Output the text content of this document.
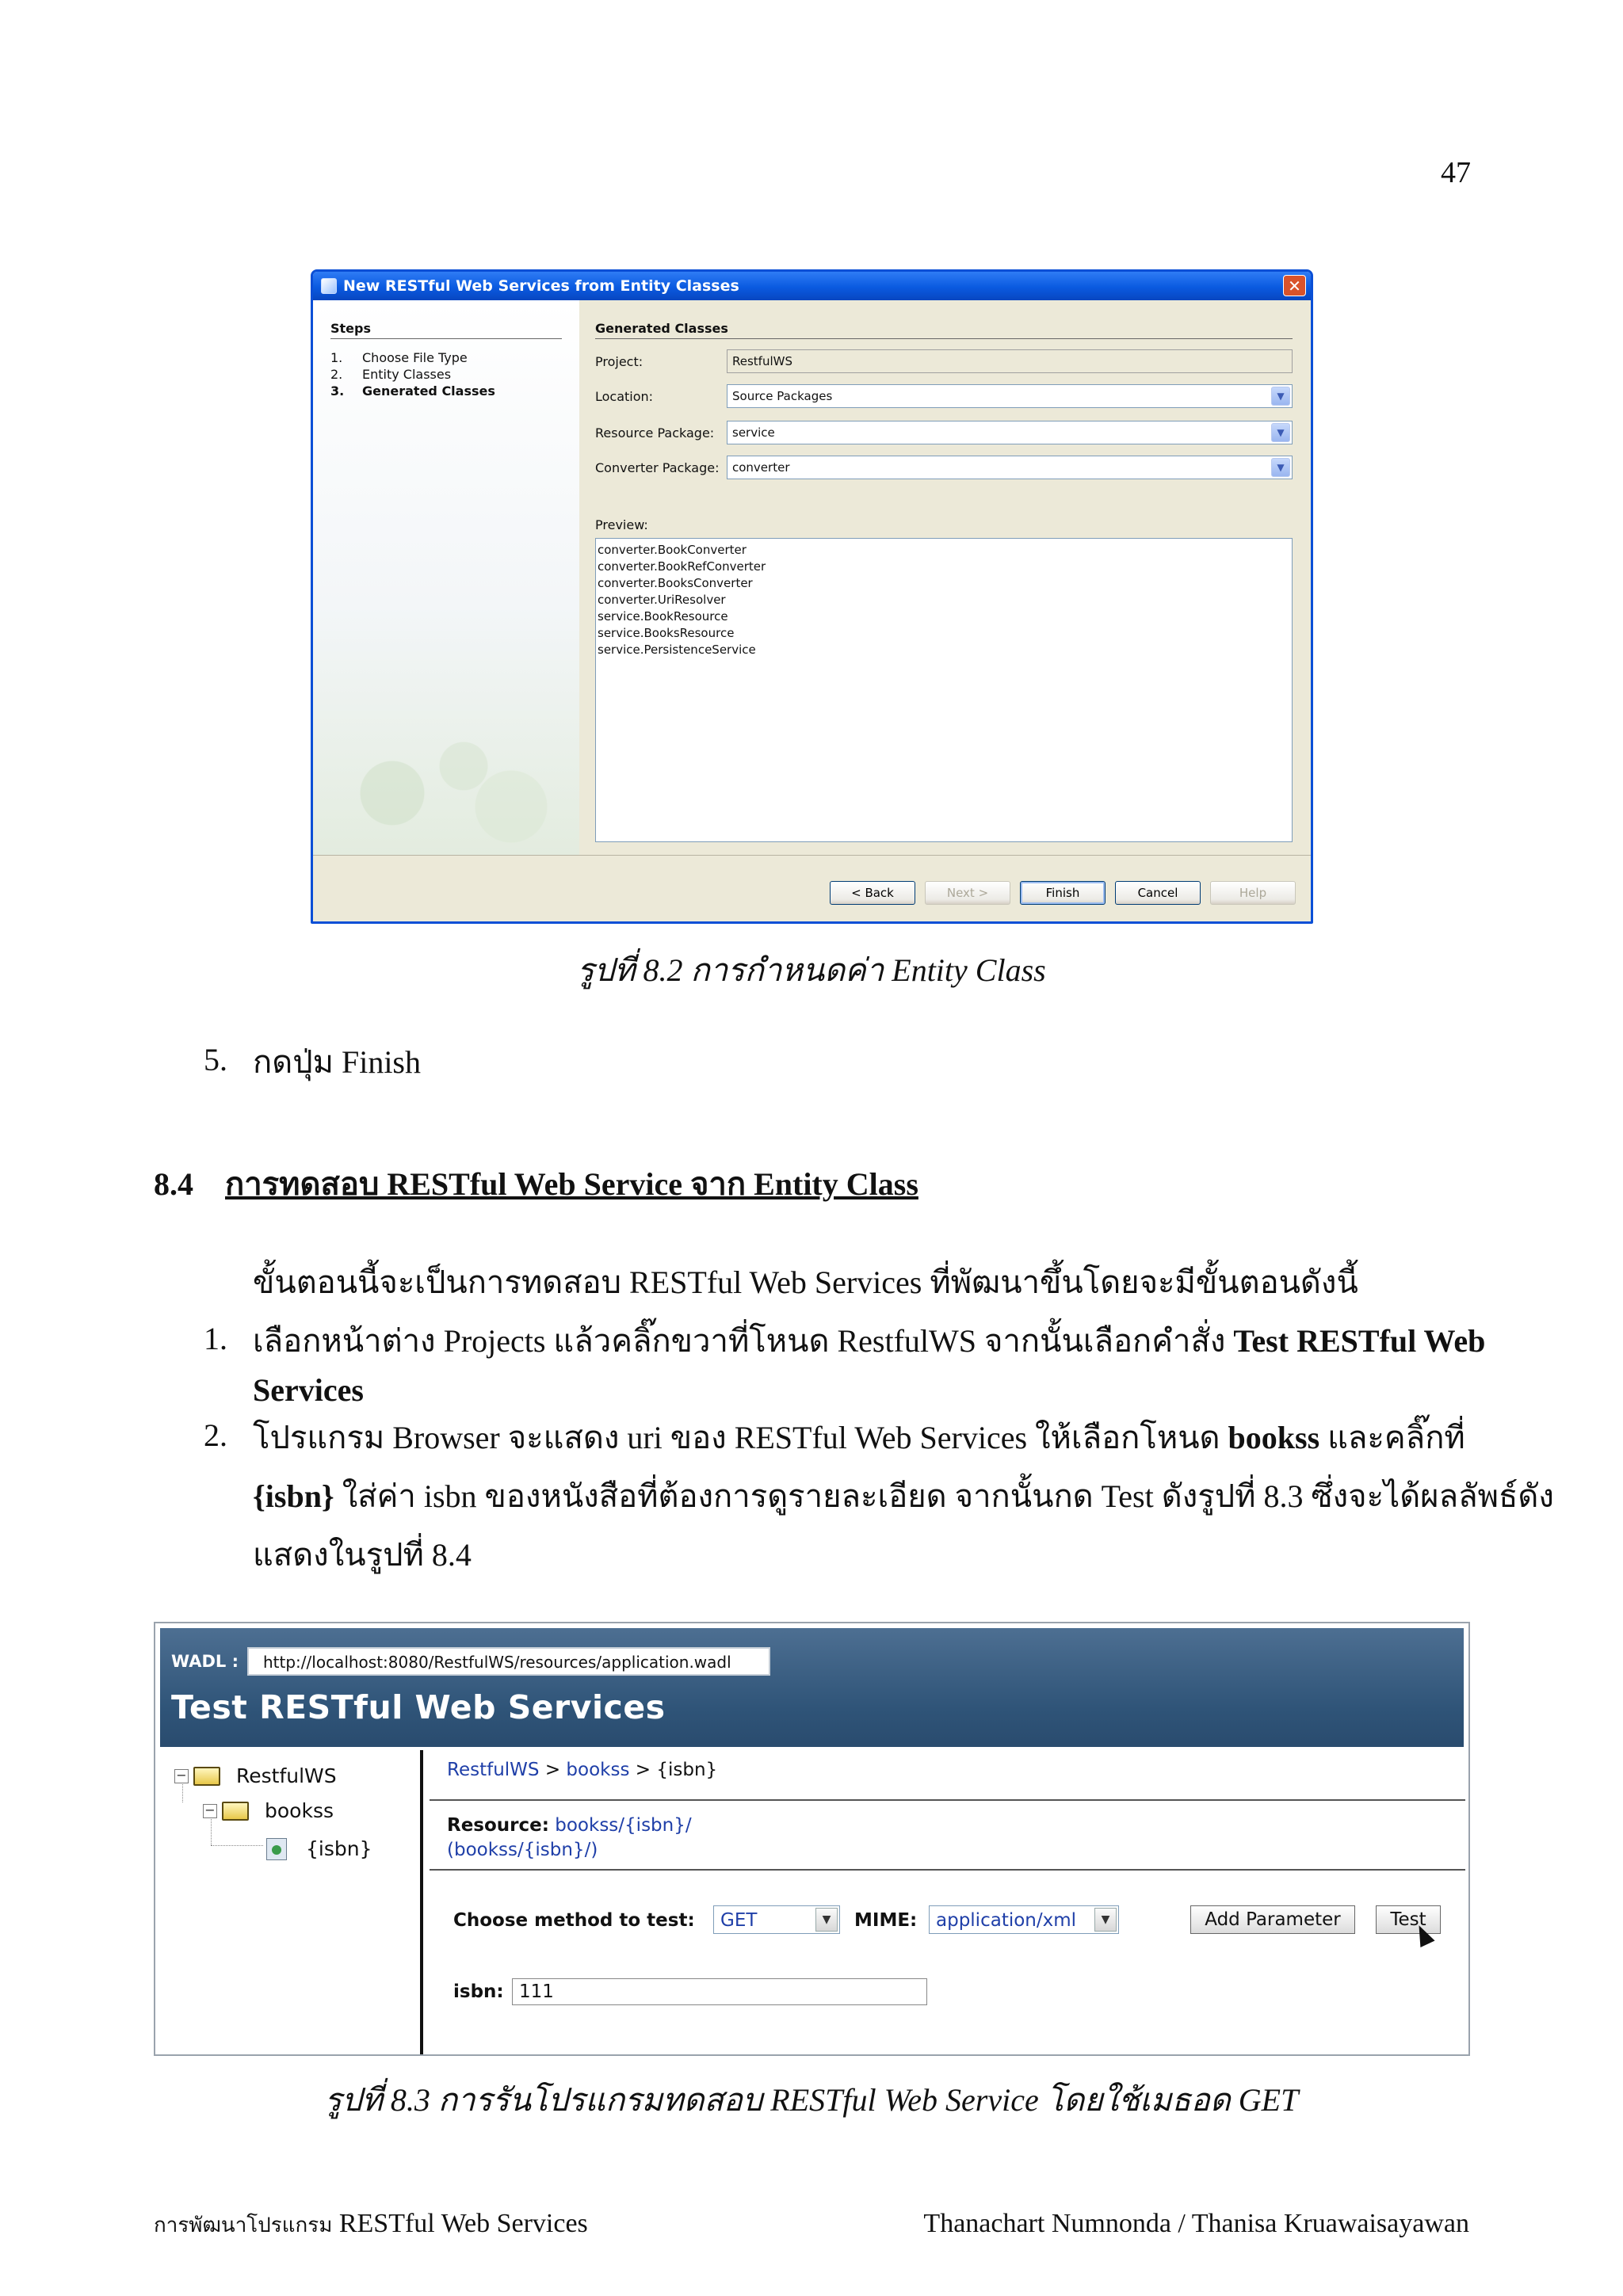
47
New RESTful Web Services from Entity Classes	✕
Steps
1. Choose File Type
2. Entity Classes
3. Generated Classes
Generated Classes
Project:	RestfulWS
Location:	Source Packages	▼
Resource Package:	service	▼
Converter Package:	converter	▼
Preview:
converter.BookConverter
converter.BookRefConverter
converter.BooksConverter
converter.UriResolver
service.BookResource
service.BooksResource
service.PersistenceService
< Back	Next >	Finish	Cancel	Help
รูปที่ 8.2 การกำหนดค่า Entity Class
5. กดปุ่ม Finish
8.4 การทดสอบ RESTful Web Service จาก Entity Class
ขั้นตอนนี้จะเป็นการทดสอบ RESTful Web Services ที่พัฒนาขึ้นโดยจะมีขั้นตอนดังนี้
1. เลือกหน้าต่าง Projects แล้วคลิ๊กขวาที่โหนด RestfulWS จากนั้นเลือกคำสั่ง Test RESTful Web
Services
2. โปรแกรม Browser จะแสดง uri ของ RESTful Web Services ให้เลือกโหนด bookss และคลิ๊กที่
{isbn} ใส่ค่า isbn ของหนังสือที่ต้องการดูรายละเอียด จากนั้นกด Test ดังรูปที่ 8.3 ซึ่งจะได้ผลลัพธ์ดัง
แสดงในรูปที่ 8.4
WADL :	http://localhost:8080/RestfulWS/resources/application.wadl
Test RESTful Web Services
− RestfulWS
− bookss
{isbn}
RestfulWS > bookss > {isbn}
Resource: bookss/{isbn}/
(bookss/{isbn}/)
Choose method to test:	GET	▼	MIME:	application/xml	▼	Add Parameter	Test
isbn: 111
รูปที่ 8.3 การรันโปรแกรมทดสอบ RESTful Web Service โดยใช้เมธอด GET
การพัฒนาโปรแกรม RESTful Web Services	Thanachart Numnonda / Thanisa Kruawaisayawan
